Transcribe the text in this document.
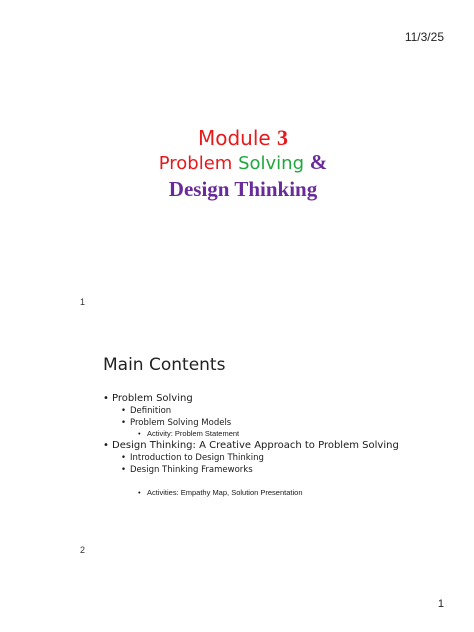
11/3/25
Module 3
Problem Solving &
Design Thinking
1
Main Contents
• Problem Solving
• Definition
• Problem Solving Models
• Activity: Problem Statement
• Design Thinking: A Creative Approach to Problem Solving
• Introduction to Design Thinking
• Design Thinking Frameworks
• Activities: Empathy Map, Solution Presentation
2
1
